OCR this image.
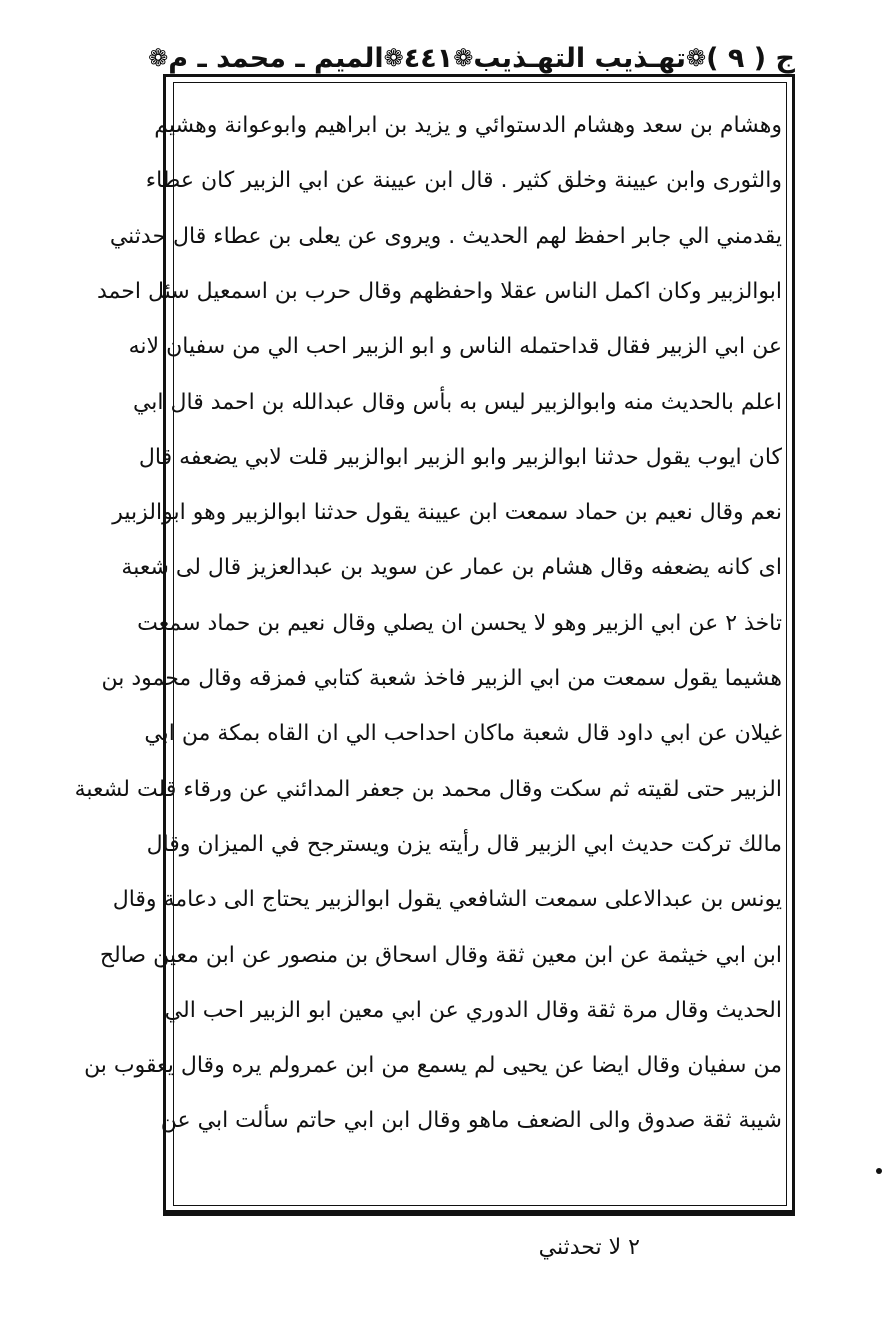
ج ( ٩ )
❁
تهـذيب التهـذيب
❁
٤٤١
❁
الميم ـ محمد ـ م
❁
وهشام بن سعد وهشام الدستوائي و يزيد بن ابراهيم وابوعوانة وهشيم
والثورى وابن عيينة وخلق كثير . قال ابن عيينة عن ابي الزبير كان عطاء
يقدمني الي جابر احفظ لهم الحديث . ويروى عن يعلى بن عطاء قال حدثني
ابوالزبير وكان اكمل الناس عقلا واحفظهم وقال حرب بن اسمعيل سئل احمد
عن ابي الزبير فقال قداحتمله الناس و ابو الزبير احب الي من سفيان لانه
اعلم بالحديث منه وابوالزبير ليس به بأس وقال عبدالله بن احمد قال ابي
كان ايوب يقول حدثنا ابوالزبير وابو الزبير ابوالزبير قلت لابي يضعفه قال
نعم وقال نعيم بن حماد سمعت ابن عيينة يقول حدثنا ابوالزبير وهو ابوالزبير
اى كانه يضعفه وقال هشام بن عمار عن سويد بن عبدالعزيز قال لى شعبة
تاخذ ٢ عن ابي الزبير وهو لا يحسن ان يصلي وقال نعيم بن حماد سمعت
هشيما يقول سمعت من ابي الزبير فاخذ شعبة كتابي فمزقه وقال محمود بن
غيلان عن ابي داود قال شعبة ماكان احداحب الي ان القاه بمكة من ابي
الزبير حتى لقيته ثم سكت وقال محمد بن جعفر المدائني عن ورقاء قلت لشعبة
مالك تركت حديث ابي الزبير قال رأيته يزن ويسترجح في الميزان وقال
يونس بن عبدالاعلى سمعت الشافعي يقول ابوالزبير يحتاج الى دعامة وقال
ابن ابي خيثمة عن ابن معين ثقة وقال اسحاق بن منصور عن ابن معين صالح
الحديث وقال مرة ثقة وقال الدوري عن ابي معين ابو الزبير احب الي
من سفيان وقال ايضا عن يحيى لم يسمع من ابن عمرولم يره وقال يعقوب بن
شيبة ثقة صدوق والى الضعف ماهو وقال ابن ابي حاتم سألت ابي عن
٢ لا تحدثني
